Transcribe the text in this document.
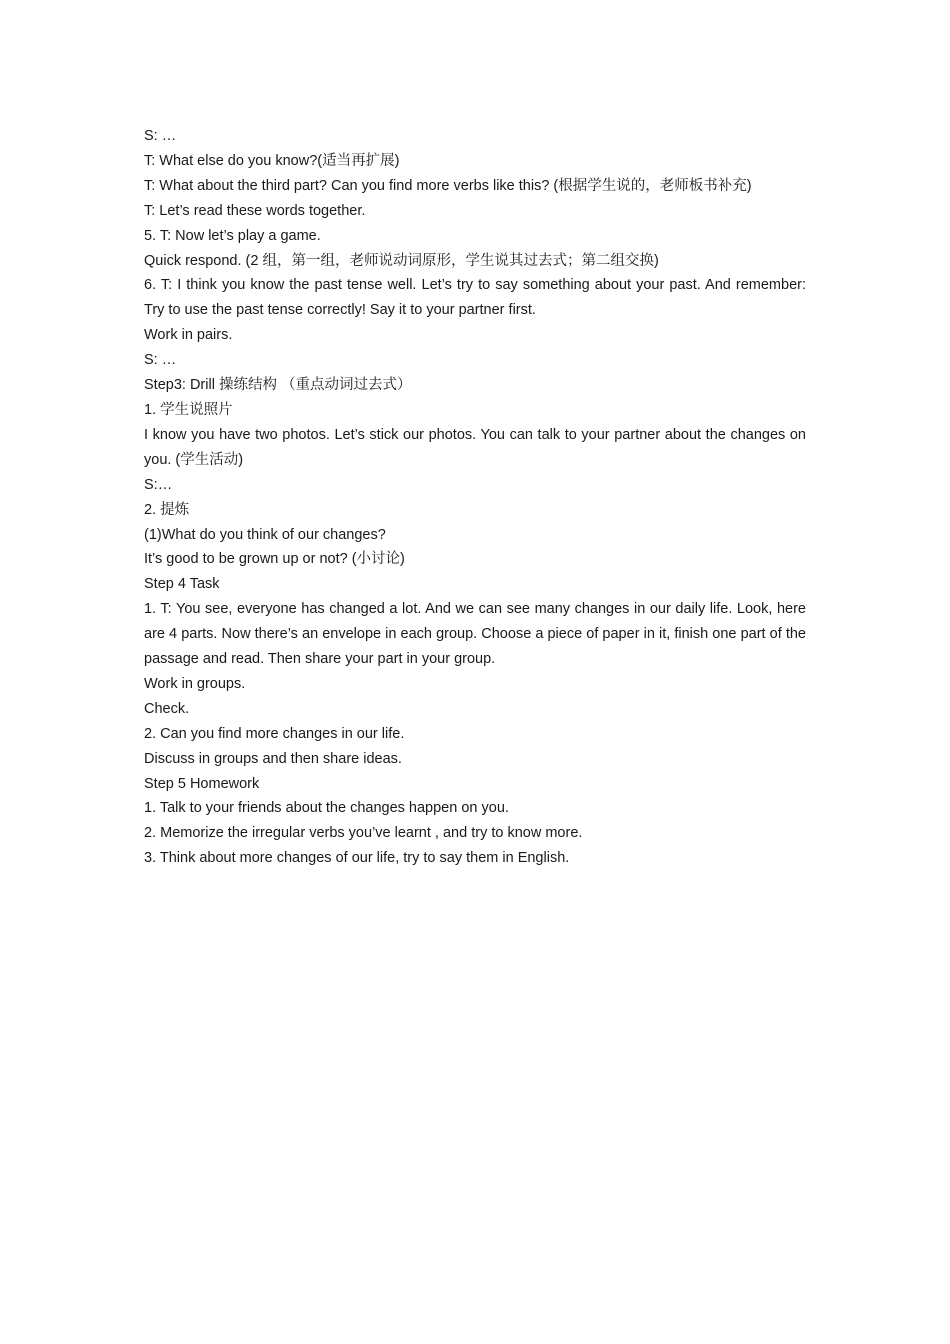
S: …
T: What else do you know?(适当再扩展)
T: What about the third part? Can you find more verbs like this? (根据学生说的，老师板书补充)
T: Let’s read these words together.
5. T: Now let’s play a game.
Quick respond. (2 组，第一组，老师说动词原形，学生说其过去式；第二组交换)
6. T: I think you know the past tense well. Let’s try to say something about your past. And remember: Try to use the past tense correctly! Say it to your partner first.
Work in pairs.
S: …
Step3: Drill 操练结构 （重点动词过去式）
1. 学生说照片
I know you have two photos. Let’s stick our photos. You can talk to your partner about the changes on you. (学生活动)
S:…
2. 提炼
(1)What do you think of our changes?
It’s good to be grown up or not? (小讨论)
Step 4 Task
1. T: You see, everyone has changed a lot. And we can see many changes in our daily life. Look, here are 4 parts. Now there’s an envelope in each group. Choose a piece of paper in it, finish one part of the passage and read. Then share your part in your group.
Work in groups.
Check.
2. Can you find more changes in our life.
Discuss in groups and then share ideas.
Step 5 Homework
1. Talk to your friends about the changes happen on you.
2. Memorize the irregular verbs you’ve learnt , and try to know more.
3. Think about more changes of our life, try to say them in English.
